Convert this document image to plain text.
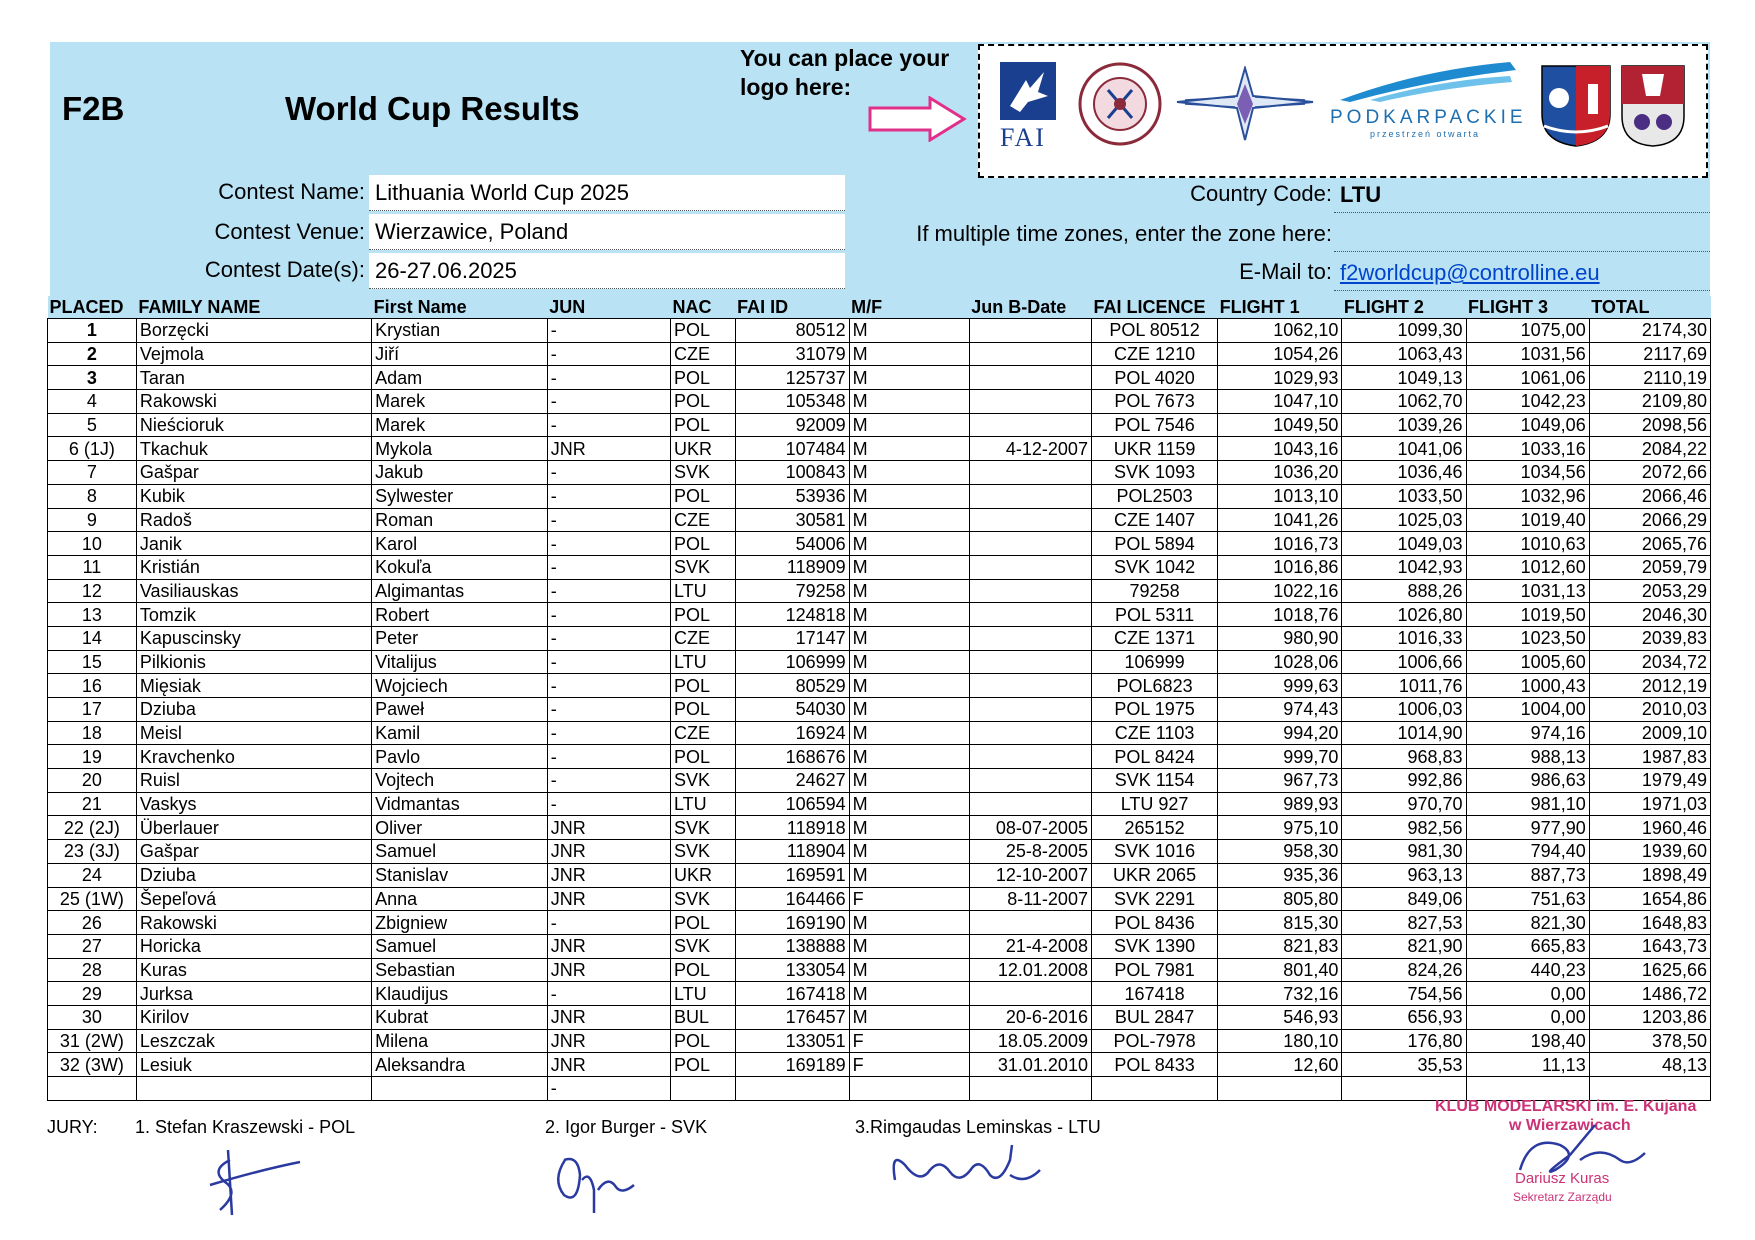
F2B	World Cup Results
You can place your logo here:
FAI
PODKARPACKIE
przestrzeń otwarta
Contest Name: Lithuania World Cup 2025
Contest Venue: Wierzawice, Poland
Contest Date(s): 26-27.06.2025
Country Code: LTU
If multiple time zones, enter the zone here:
E-Mail to: f2worldcup@controlline.eu
PLACED	FAMILY NAME	First Name	JUN	NAC	FAI ID	M/F	Jun B-Date	FAI LICENCE	FLIGHT 1	FLIGHT 2	FLIGHT 3	TOTAL
1	Borzęcki	Krystian	-	POL	80512	M		POL 80512	1062,10	1099,30	1075,00	2174,30
2	Vejmola	Jiří	-	CZE	31079	M		CZE 1210	1054,26	1063,43	1031,56	2117,69
3	Taran	Adam	-	POL	125737	M		POL 4020	1029,93	1049,13	1061,06	2110,19
4	Rakowski	Marek	-	POL	105348	M		POL 7673	1047,10	1062,70	1042,23	2109,80
5	Nieścioruk	Marek	-	POL	92009	M		POL 7546	1049,50	1039,26	1049,06	2098,56
6 (1J)	Tkachuk	Mykola	JNR	UKR	107484	M	4-12-2007	UKR 1159	1043,16	1041,06	1033,16	2084,22
7	Gašpar	Jakub	-	SVK	100843	M		SVK 1093	1036,20	1036,46	1034,56	2072,66
8	Kubik	Sylwester	-	POL	53936	M		POL2503	1013,10	1033,50	1032,96	2066,46
9	Radoš	Roman	-	CZE	30581	M		CZE 1407	1041,26	1025,03	1019,40	2066,29
10	Janik	Karol	-	POL	54006	M		POL 5894	1016,73	1049,03	1010,63	2065,76
11	Kristián	Kokuľa	-	SVK	118909	M		SVK 1042	1016,86	1042,93	1012,60	2059,79
12	Vasiliauskas	Algimantas	-	LTU	79258	M		79258	1022,16	888,26	1031,13	2053,29
13	Tomzik	Robert	-	POL	124818	M		POL 5311	1018,76	1026,80	1019,50	2046,30
14	Kapuscinsky	Peter	-	CZE	17147	M		CZE 1371	980,90	1016,33	1023,50	2039,83
15	Pilkionis	Vitalijus	-	LTU	106999	M		106999	1028,06	1006,66	1005,60	2034,72
16	Mięsiak	Wojciech	-	POL	80529	M		POL6823	999,63	1011,76	1000,43	2012,19
17	Dziuba	Paweł	-	POL	54030	M		POL 1975	974,43	1006,03	1004,00	2010,03
18	Meisl	Kamil	-	CZE	16924	M		CZE 1103	994,20	1014,90	974,16	2009,10
19	Kravchenko	Pavlo	-	POL	168676	M		POL 8424	999,70	968,83	988,13	1987,83
20	Ruisl	Vojtech	-	SVK	24627	M		SVK 1154	967,73	992,86	986,63	1979,49
21	Vaskys	Vidmantas	-	LTU	106594	M		LTU 927	989,93	970,70	981,10	1971,03
22 (2J)	Überlauer	Oliver	JNR	SVK	118918	M	08-07-2005	265152	975,10	982,56	977,90	1960,46
23 (3J)	Gašpar	Samuel	JNR	SVK	118904	M	25-8-2005	SVK 1016	958,30	981,30	794,40	1939,60
24	Dziuba	Stanislav	JNR	UKR	169591	M	12-10-2007	UKR 2065	935,36	963,13	887,73	1898,49
25 (1W)	Šepeľová	Anna	JNR	SVK	164466	F	8-11-2007	SVK 2291	805,80	849,06	751,63	1654,86
26	Rakowski	Zbigniew	-	POL	169190	M		POL 8436	815,30	827,53	821,30	1648,83
27	Horicka	Samuel	JNR	SVK	138888	M	21-4-2008	SVK 1390	821,83	821,90	665,83	1643,73
28	Kuras	Sebastian	JNR	POL	133054	M	12.01.2008	POL 7981	801,40	824,26	440,23	1625,66
29	Jurksa	Klaudijus	-	LTU	167418	M		167418	732,16	754,56	0,00	1486,72
30	Kirilov	Kubrat	JNR	BUL	176457	M	20-6-2016	BUL 2847	546,93	656,93	0,00	1203,86
31 (2W)	Leszczak	Milena	JNR	POL	133051	F	18.05.2009	POL-7978	180,10	176,80	198,40	378,50
32 (3W)	Lesiuk	Aleksandra	JNR	POL	169189	F	31.01.2010	POL 8433	12,60	35,53	11,13	48,13
			-									
JURY: 1. Stefan Kraszewski - POL	2. Igor Burger - SVK	3.Rimgaudas Leminskas - LTU
KLUB MODELARSKI im. E. Kujana
w Wierzawicach
Dariusz Kuras
Sekretarz Zarządu
